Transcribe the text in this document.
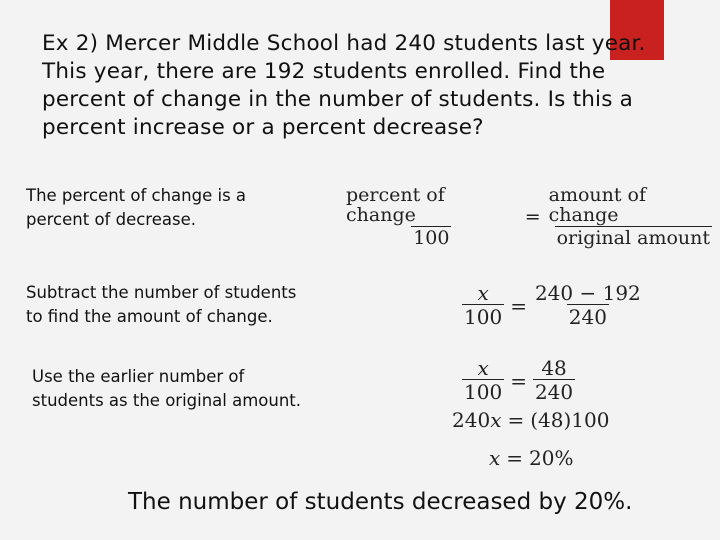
Ex 2) Mercer Middle School had 240 students last year.
This year, there are 192 students enrolled. Find the
percent of change in the number of students. Is this a
percent increase or a percent decrease?
The percent of change is a
percent of decrease.
Subtract the number of students
to find the amount of change.
Use the earlier number of
students as the original amount.
$\frac{\text{percent of change}}{100} = \frac{\text{amount of change}}{\text{original amount}}$
$\frac{x}{100} = \frac{240 - 192}{240}$
$\frac{x}{100} = \frac{48}{240}$
240 x = (48)100
x = 20%
The number of students decreased by 20%.
